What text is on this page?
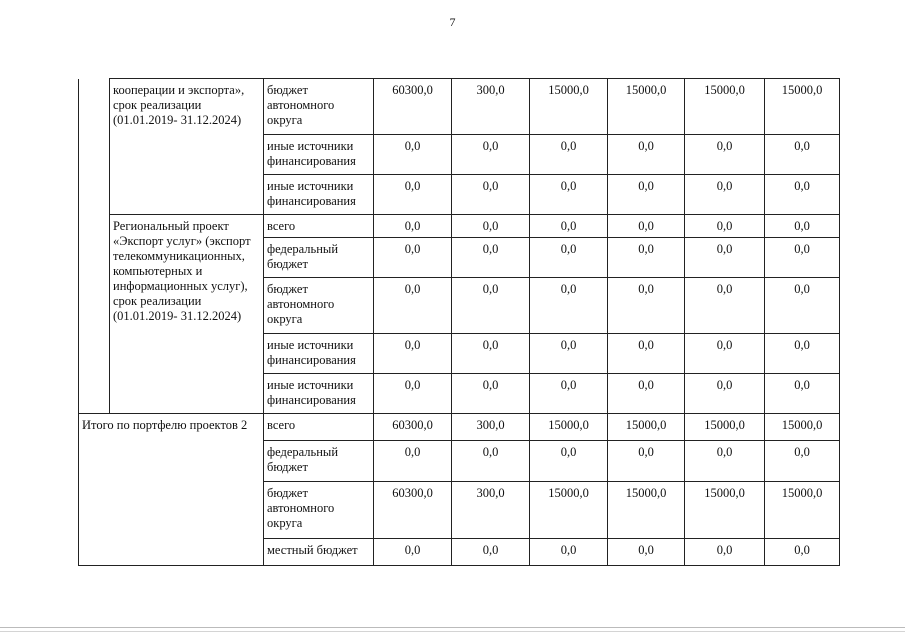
7
	кооперации и экспорта», срок реализации (01.01.2019- 31.12.2024)	бюджет автономного округа	60300,0	300,0	15000,0	15000,0	15000,0	15000,0
		иные источники финансирования	0,0	0,0	0,0	0,0	0,0	0,0
		иные источники финансирования	0,0	0,0	0,0	0,0	0,0	0,0
	Региональный проект «Экспорт услуг» (экспорт телекоммуникационных, компьютерных и информационных услуг), срок реализации (01.01.2019- 31.12.2024)	всего	0,0	0,0	0,0	0,0	0,0	0,0
		федеральный бюджет	0,0	0,0	0,0	0,0	0,0	0,0
		бюджет автономного округа	0,0	0,0	0,0	0,0	0,0	0,0
		иные источники финансирования	0,0	0,0	0,0	0,0	0,0	0,0
		иные источники финансирования	0,0	0,0	0,0	0,0	0,0	0,0
Итого по портфелю проектов 2		всего	60300,0	300,0	15000,0	15000,0	15000,0	15000,0
		федеральный бюджет	0,0	0,0	0,0	0,0	0,0	0,0
		бюджет автономного округа	60300,0	300,0	15000,0	15000,0	15000,0	15000,0
		местный бюджет	0,0	0,0	0,0	0,0	0,0	0,0
